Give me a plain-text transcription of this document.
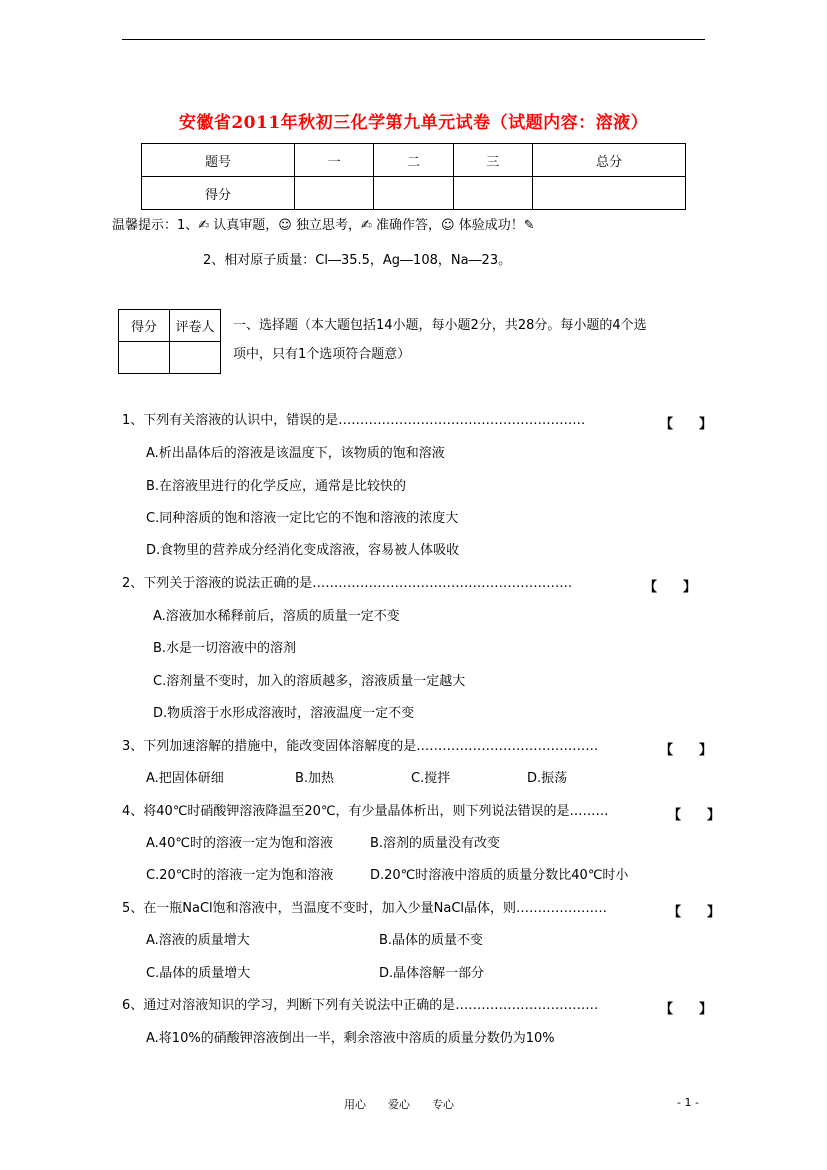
安徽省2011年秋初三化学第九单元试卷（试题内容：溶液）
题号	一	二	三	总分
得分				
温馨提示：1、✍ 认真审题，☺ 独立思考，✍ 准确作答，☺ 体验成功！✎
2、相对原子质量：Cl―35.5，Ag―108，Na―23。
得分	评卷人
	一、选择题（本大题包括14小题，每小题2分，共28分。每小题的4个选
项中，只有1个选项符合题意）
1、下列有关溶液的认识中，错误的是…………………………………………………	【　　】
A.析出晶体后的溶液是该温度下，该物质的饱和溶液
B.在溶液里进行的化学反应，通常是比较快的
C.同种溶质的饱和溶液一定比它的不饱和溶液的浓度大
D.食物里的营养成分经消化变成溶液，容易被人体吸收
2、下列关于溶液的说法正确的是……………………………………………………	【　　】
A.溶液加水稀释前后，溶质的质量一定不变
B.水是一切溶液中的溶剂
C.溶剂量不变时，加入的溶质越多，溶液质量一定越大
D.物质溶于水形成溶液时，溶液温度一定不变
3、下列加速溶解的措施中，能改变固体溶解度的是……………………………………	【　　】
A.把固体研细	B.加热	C.搅拌	D.振荡
4、将40℃时硝酸钾溶液降温至20℃，有少量晶体析出，则下列说法错误的是………	【　　】
A.40℃时的溶液一定为饱和溶液	B.溶剂的质量没有改变
C.20℃时的溶液一定为饱和溶液	D.20℃时溶液中溶质的质量分数比40℃时小
5、在一瓶NaCl饱和溶液中，当温度不变时，加入少量NaCl晶体，则…………………	【　　】
A.溶液的质量增大	B.晶体的质量不变
C.晶体的质量增大	D.晶体溶解一部分
6、通过对溶液知识的学习，判断下列有关说法中正确的是……………………………	【　　】
A.将10%的硝酸钾溶液倒出一半，剩余溶液中溶质的质量分数仍为10%
用心　　爱心　　专心	- 1 -
